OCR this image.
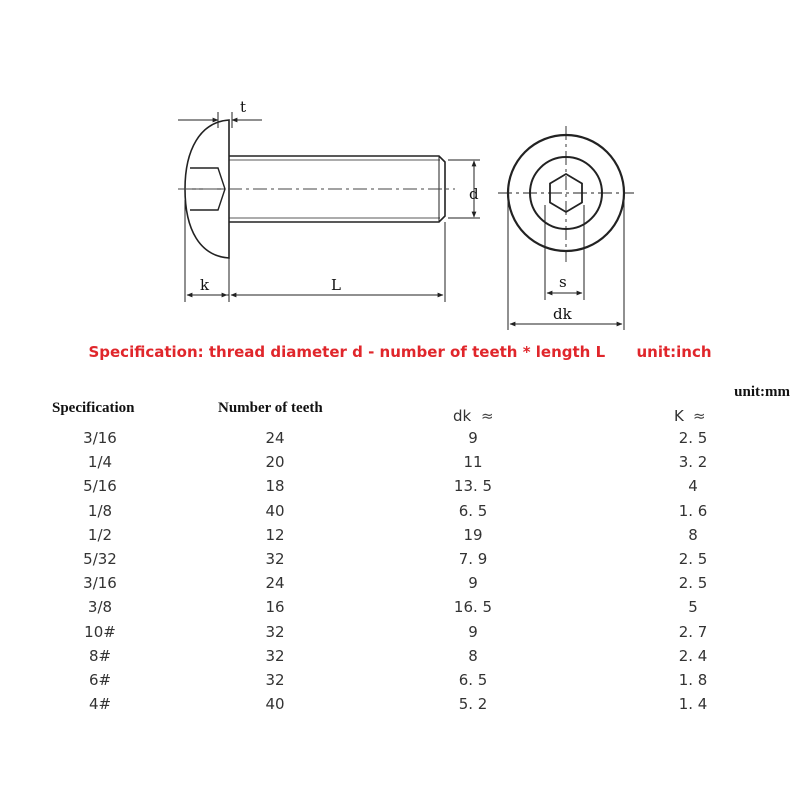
t
d
k	L	s
dk
Specification: thread diameter d - number of teeth * length L      unit:inch
unit:mm
Specification	Number of teeth	dk ≈	K ≈
3/16	24	9	2. 5
1/4	20	11	3. 2
5/16	18	13. 5	4
1/8	40	6. 5	1. 6
1/2	12	19	8
5/32	32	7. 9	2. 5
3/16	24	9	2. 5
3/8	16	16. 5	5
10#	32	9	2. 7
8#	32	8	2. 4
6#	32	6. 5	1. 8
4#	40	5. 2	1. 4
